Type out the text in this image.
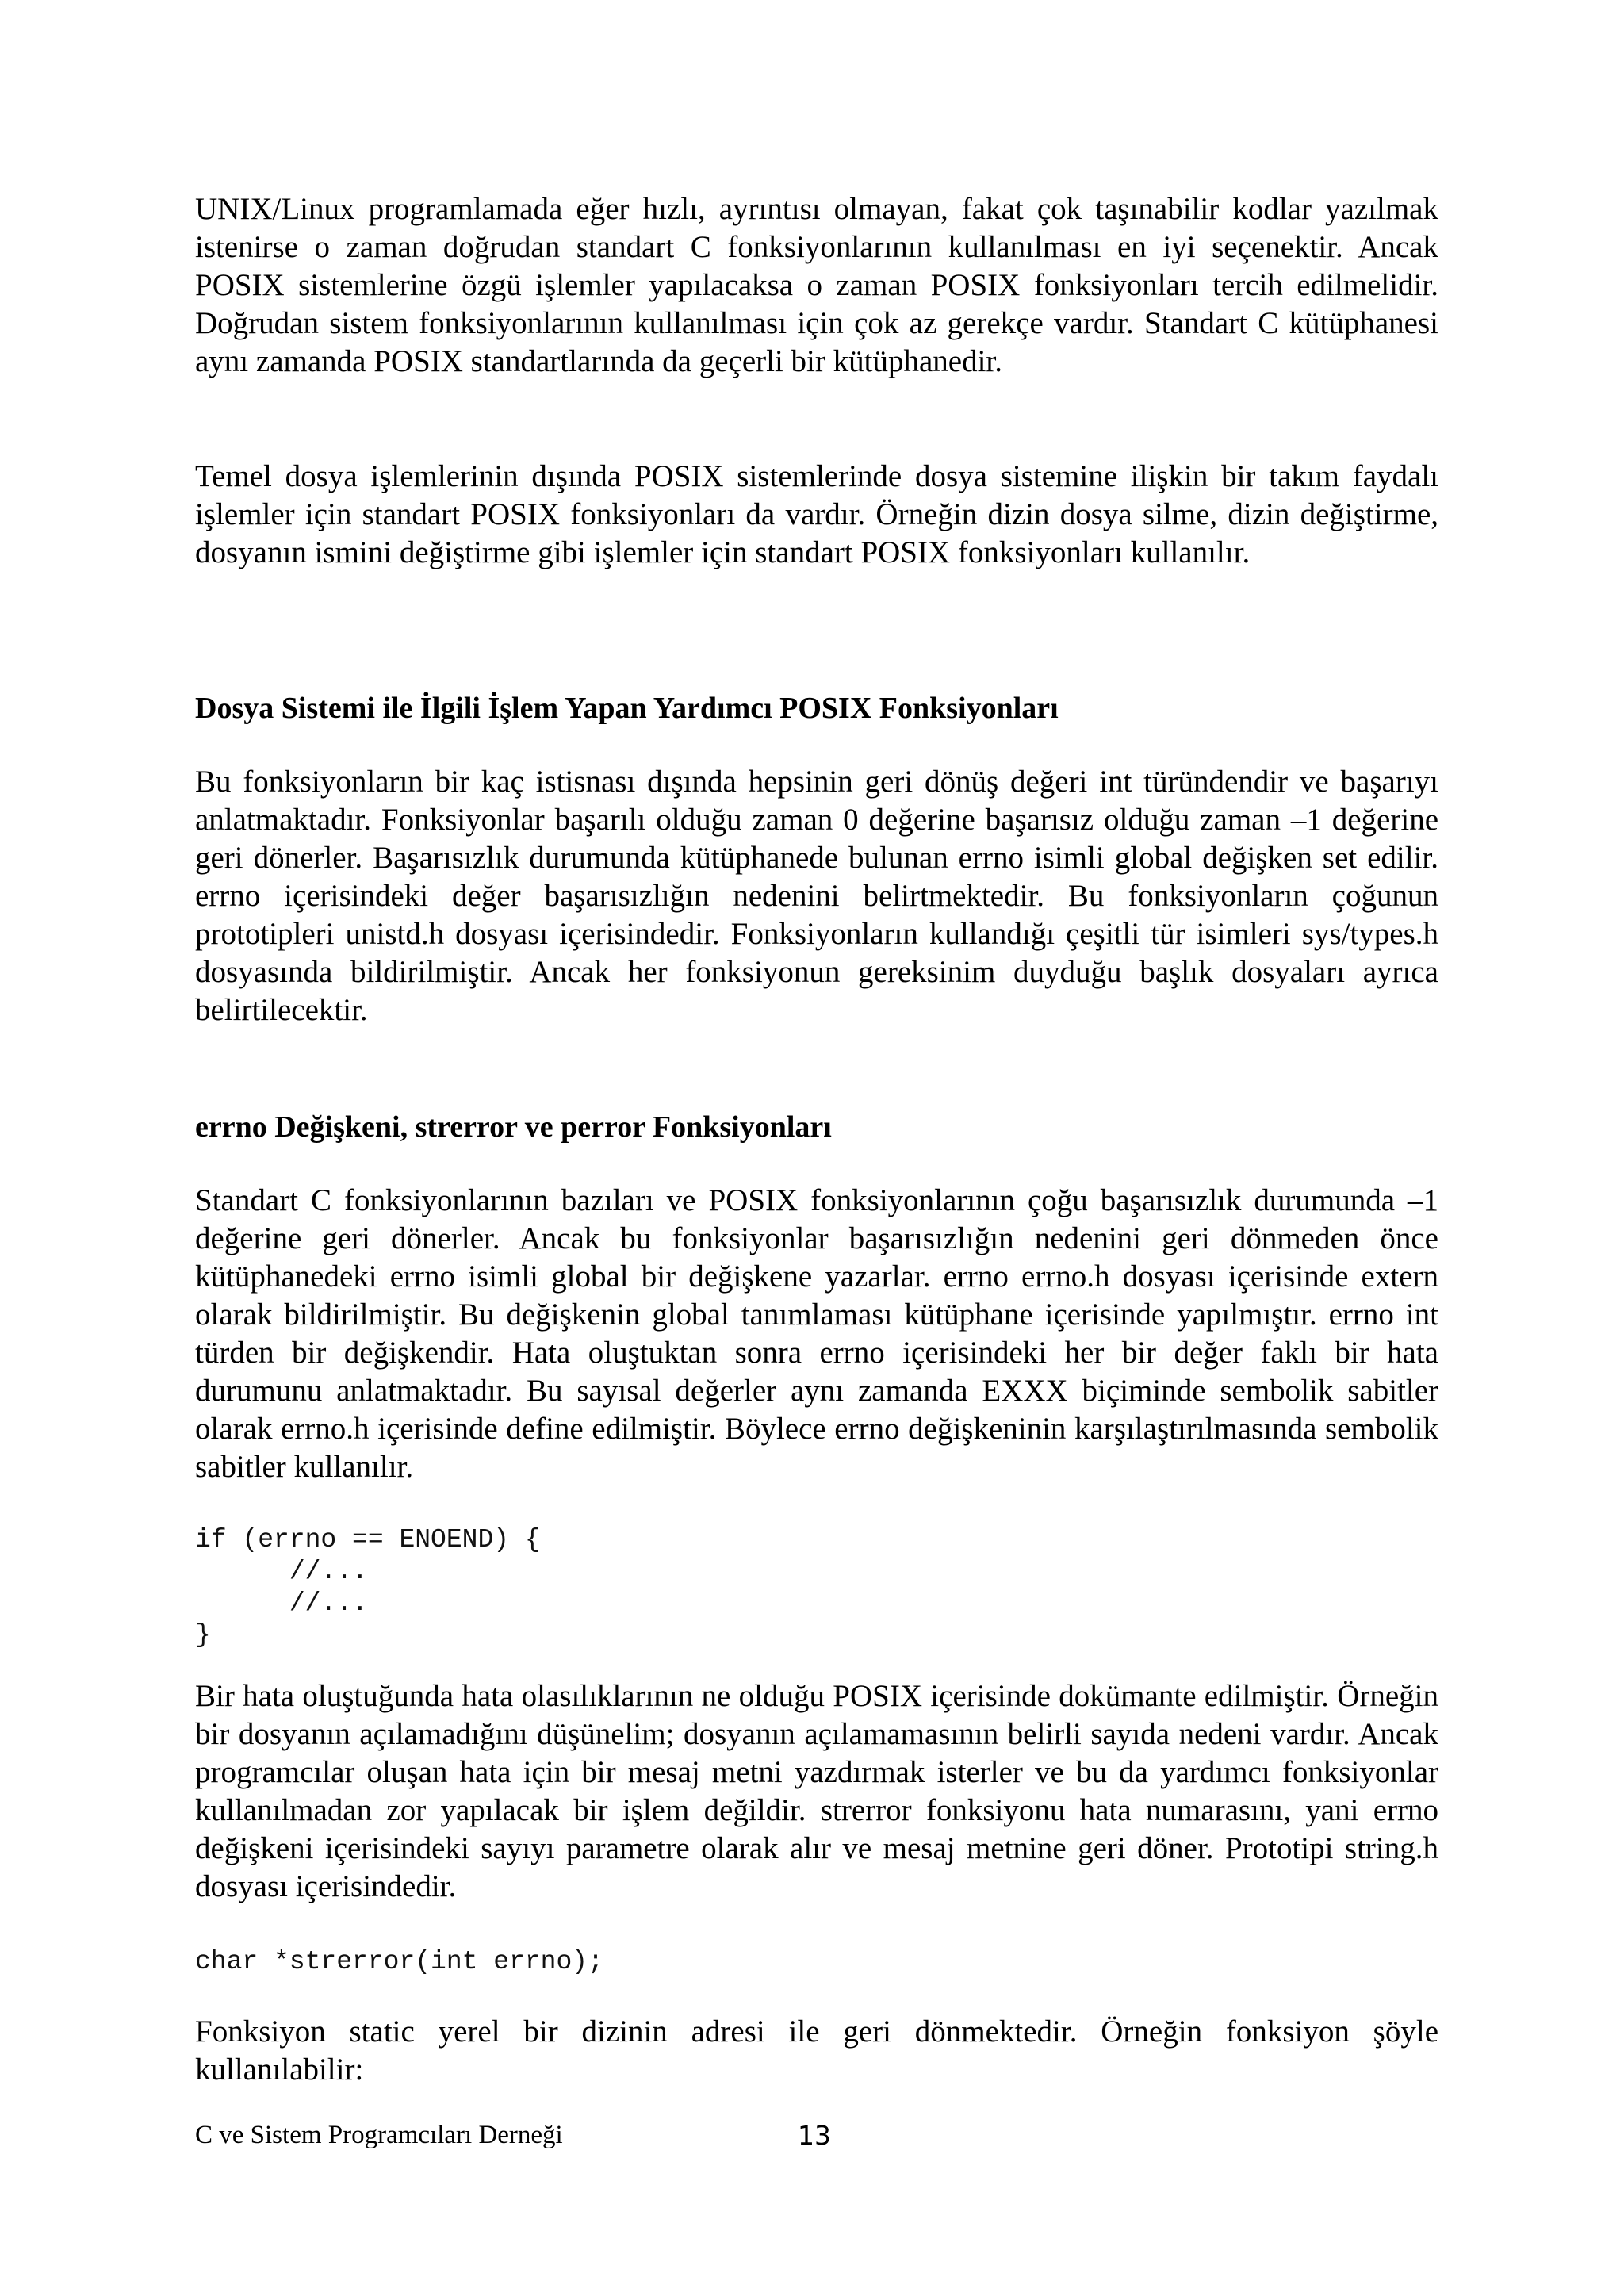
UNIX/Linux programlamada eğer hızlı, ayrıntısı olmayan, fakat çok taşınabilir kodlar yazılmak istenirse o zaman doğrudan standart C fonksiyonlarının kullanılması en iyi seçenektir. Ancak POSIX sistemlerine özgü işlemler yapılacaksa o zaman POSIX fonksiyonları tercih edilmelidir. Doğrudan sistem fonksiyonlarının kullanılması için çok az gerekçe vardır. Standart C kütüphanesi aynı zamanda POSIX standartlarında da geçerli bir kütüphanedir.

Temel dosya işlemlerinin dışında POSIX sistemlerinde dosya sistemine ilişkin bir takım faydalı işlemler için standart POSIX fonksiyonları da vardır. Örneğin dizin dosya silme, dizin değiştirme, dosyanın ismini değiştirme gibi işlemler için standart POSIX fonksiyonları kullanılır.

Dosya Sistemi ile İlgili İşlem Yapan Yardımcı POSIX Fonksiyonları

Bu fonksiyonların bir kaç istisnası dışında hepsinin geri dönüş değeri int türündendir ve başarıyı anlatmaktadır. Fonksiyonlar başarılı olduğu zaman 0 değerine başarısız olduğu zaman –1 değerine geri dönerler. Başarısızlık durumunda kütüphanede bulunan errno isimli global değişken set edilir. errno içerisindeki değer başarısızlığın nedenini belirtmektedir. Bu fonksiyonların çoğunun prototipleri unistd.h dosyası içerisindedir. Fonksiyonların kullandığı çeşitli tür isimleri sys/types.h dosyasında bildirilmiştir. Ancak her fonksiyonun gereksinim duyduğu başlık dosyaları ayrıca belirtilecektir.

errno Değişkeni, strerror ve perror Fonksiyonları

Standart C fonksiyonlarının bazıları ve POSIX fonksiyonlarının çoğu başarısızlık durumunda –1 değerine geri dönerler. Ancak bu fonksiyonlar başarısızlığın nedenini geri dönmeden önce kütüphanedeki errno isimli global bir değişkene yazarlar. errno errno.h dosyası içerisinde extern olarak bildirilmiştir. Bu değişkenin global tanımlaması kütüphane içerisinde yapılmıştır. errno int türden bir değişkendir. Hata oluştuktan sonra errno içerisindeki her bir değer faklı bir hata durumunu anlatmaktadır. Bu sayısal değerler aynı zamanda EXXX biçiminde sembolik sabitler olarak errno.h içerisinde define edilmiştir. Böylece errno değişkeninin karşılaştırılmasında sembolik sabitler kullanılır.

if (errno == ENOEND) {
//...
//...
}

Bir hata oluştuğunda hata olasılıklarının ne olduğu POSIX içerisinde dokümante edilmiştir. Örneğin bir dosyanın açılamadığını düşünelim; dosyanın açılamamasının belirli sayıda nedeni vardır. Ancak programcılar oluşan hata için bir mesaj metni yazdırmak isterler ve bu da yardımcı fonksiyonlar kullanılmadan zor yapılacak bir işlem değildir. strerror fonksiyonu hata numarasını, yani errno değişkeni içerisindeki sayıyı parametre olarak alır ve mesaj metnine geri döner. Prototipi string.h dosyası içerisindedir.

char *strerror(int errno);

Fonksiyon static yerel bir dizinin adresi ile geri dönmektedir. Örneğin fonksiyon şöyle kullanılabilir:

C ve Sistem Programcıları Derneği	13
